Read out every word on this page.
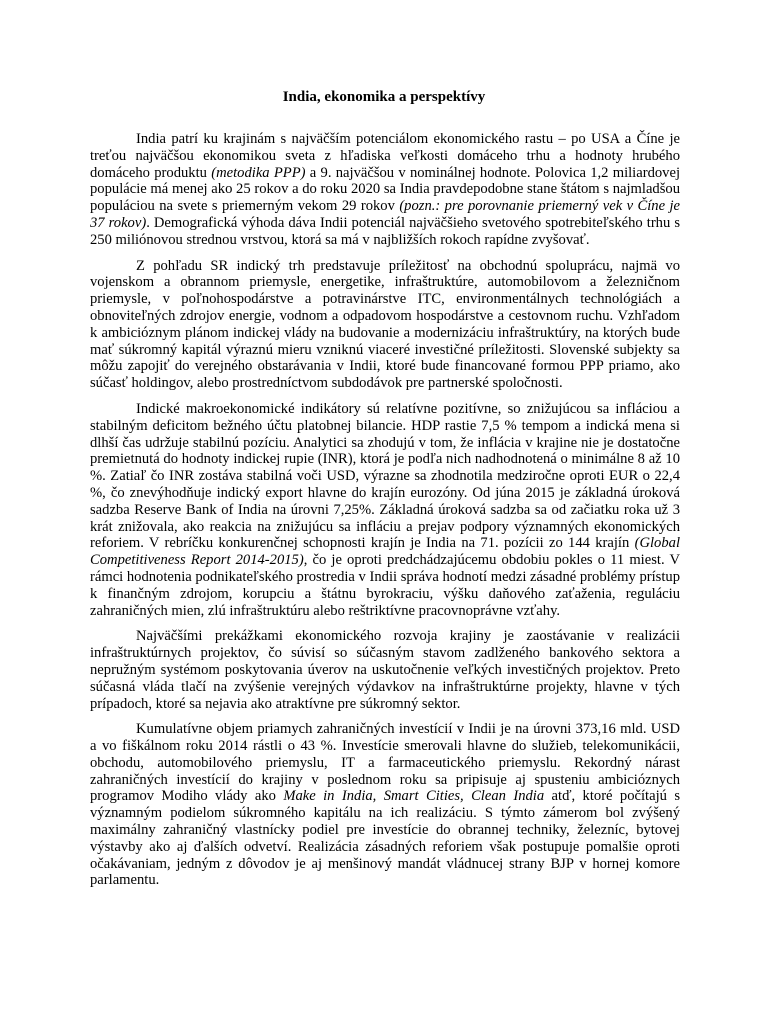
India, ekonomika a perspektívy

India patrí ku krajinám s najväčším potenciálom ekonomického rastu – po USA a Číne je treťou najväčšou ekonomikou sveta z hľadiska veľkosti domáceho trhu a hodnoty hrubého domáceho produktu (metodika PPP) a 9. najväčšou v nominálnej hodnote. Polovica 1,2 miliardovej populácie má menej ako 25 rokov a do roku 2020 sa India pravdepodobne stane štátom s najmladšou populáciou na svete s priemerným vekom 29 rokov (pozn.: pre porovnanie priemerný vek v Číne je 37 rokov). Demografická výhoda dáva Indii potenciál najväčšieho svetového spotrebiteľského trhu s 250 miliónovou strednou vrstvou, ktorá sa má v najbližších rokoch rapídne zvyšovať.

Z pohľadu SR indický trh predstavuje príležitosť na obchodnú spoluprácu, najmä vo vojenskom a obrannom priemysle, energetike, infraštruktúre, automobilovom a železničnom priemysle, v poľnohospodárstve a potravinárstve ITC, environmentálnych technológiách a obnoviteľných zdrojov energie, vodnom a odpadovom hospodárstve a cestovnom ruchu. Vzhľadom k ambicióznym plánom indickej vlády na budovanie a modernizáciu infraštruktúry, na ktorých bude mať súkromný kapitál výraznú mieru vzniknú viaceré investičné príležitosti. Slovenské subjekty sa môžu zapojiť do verejného obstarávania v Indii, ktoré bude financované formou PPP priamo, ako súčasť holdingov, alebo prostredníctvom subdodávok pre partnerské spoločnosti.

Indické makroekonomické indikátory sú relatívne pozitívne, so znižujúcou sa infláciou a stabilným deficitom bežného účtu platobnej bilancie. HDP rastie 7,5 % tempom a indická mena si dlhší čas udržuje stabilnú pozíciu. Analytici sa zhodujú v tom, že inflácia v krajine nie je dostatočne premietnutá do hodnoty indickej rupie (INR), ktorá je podľa nich nadhodnotená o minimálne 8 až 10 %. Zatiaľ čo INR zostáva stabilná voči USD, výrazne sa zhodnotila medziročne oproti EUR o 22,4 %, čo znevýhodňuje indický export hlavne do krajín eurozóny. Od júna 2015 je základná úroková sadzba Reserve Bank of India na úrovni 7,25%. Základná úroková sadzba sa od začiatku roka už 3 krát znižovala, ako reakcia na znižujúcu sa infláciu a prejav podpory významných ekonomických reforiem. V rebríčku konkurenčnej schopnosti krajín je India na 71. pozícii zo 144 krajín (Global Competitiveness Report 2014-2015), čo je oproti predchádzajúcemu obdobiu pokles o 11 miest. V rámci hodnotenia podnikateľského prostredia v Indii správa hodnotí medzi zásadné problémy prístup k finančným zdrojom, korupciu a štátnu byrokraciu, výšku daňového zaťaženia, reguláciu zahraničných mien, zlú infraštruktúru alebo reštriktívne pracovnoprávne vzťahy.

Najväčšími prekážkami ekonomického rozvoja krajiny je zaostávanie v realizácii infraštruktúrnych projektov, čo súvisí so súčasným stavom zadlženého bankového sektora a nepružným systémom poskytovania úverov na uskutočnenie veľkých investičných projektov. Preto súčasná vláda tlačí na zvýšenie verejných výdavkov na infraštruktúrne projekty, hlavne v tých prípadoch, ktoré sa nejavia ako atraktívne pre súkromný sektor.

Kumulatívne objem priamych zahraničných investícií v Indii je na úrovni 373,16 mld. USD a vo fiškálnom roku 2014 rástli o 43 %. Investície smerovali hlavne do služieb, telekomunikácii, obchodu, automobilového priemyslu, IT a farmaceutického priemyslu. Rekordný nárast zahraničných investícií do krajiny v poslednom roku sa pripisuje aj spusteniu ambicióznych programov Modiho vlády ako Make in India, Smart Cities, Clean India atď, ktoré počítajú s významným podielom súkromného kapitálu na ich realizáciu. S týmto zámerom bol zvýšený maximálny zahraničný vlastnícky podiel pre investície do obrannej techniky, železníc, bytovej výstavby ako aj ďalších odvetví. Realizácia zásadných reforiem však postupuje pomalšie oproti očakávaniam, jedným z dôvodov je aj menšinový mandát vládnucej strany BJP v hornej komore parlamentu.
